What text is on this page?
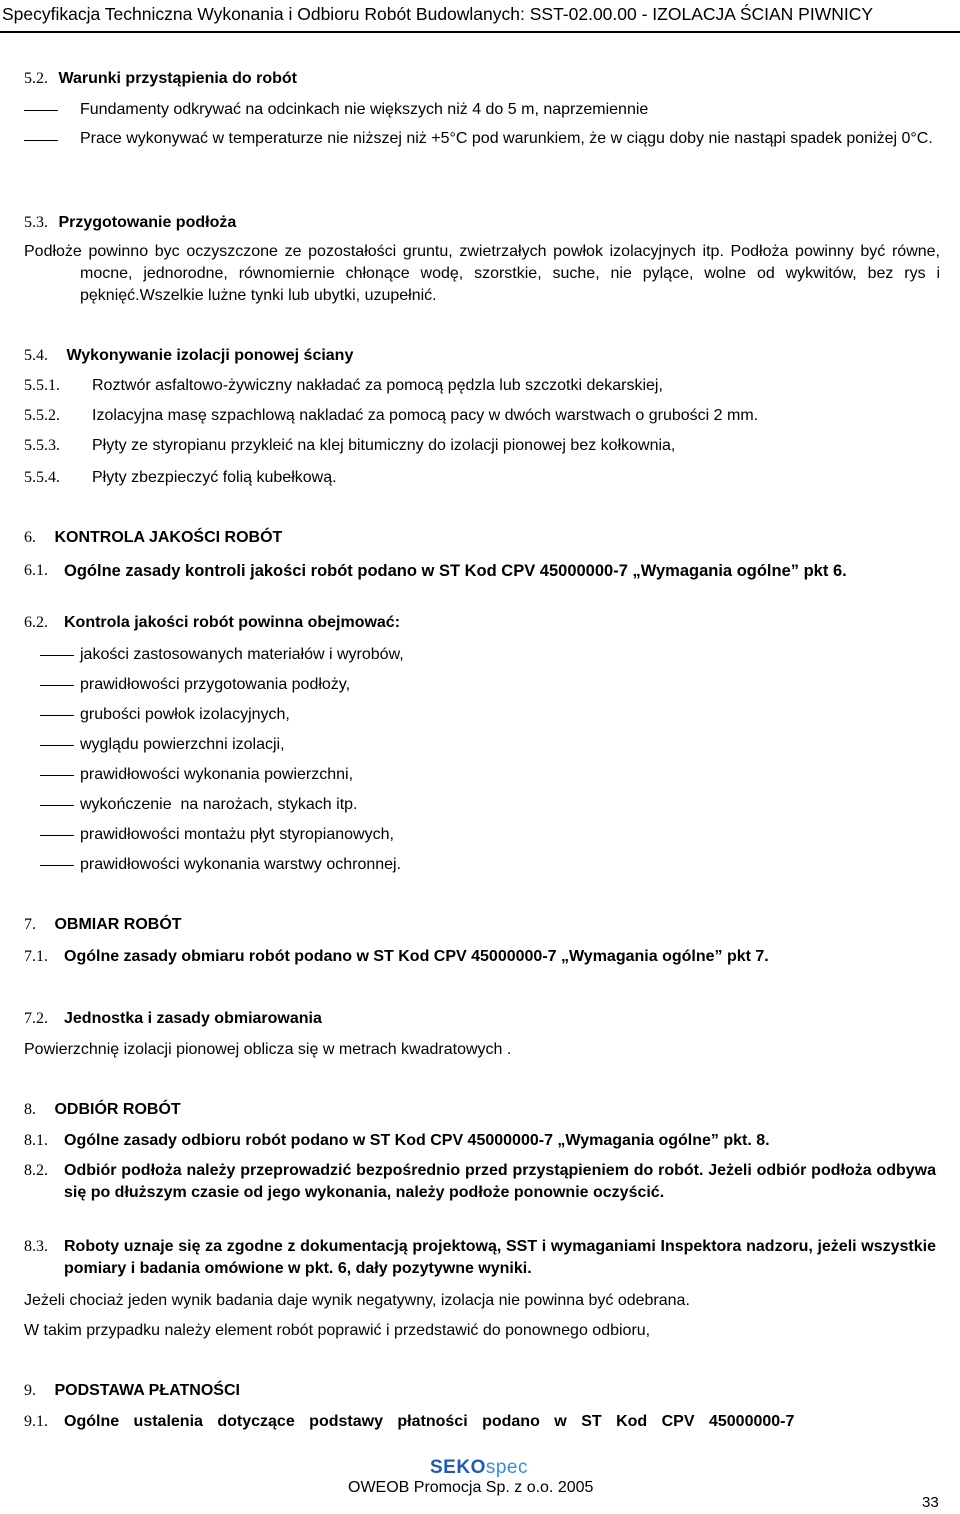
Specyfikacja Techniczna Wykonania i Odbioru Robót Budowlanych: SST-02.00.00 - IZOLACJA ŚCIAN PIWNICY
5.2. Warunki przystąpienia do robót
Fundamenty odkrywać na odcinkach nie większych niż 4 do 5 m, naprzemiennie
Prace wykonywać w temperaturze nie niższej niż +5°C pod warunkiem, że w ciągu doby nie nastąpi spadek poniżej 0°C.
5.3. Przygotowanie podłoża
Podłoże powinno byc oczyszczone ze pozostałości gruntu, zwietrzałych powłok izolacyjnych itp. Podłoża powinny być równe, mocne, jednorodne, równomiernie chłonące wodę, szorstkie, suche, nie pylące, wolne od wykwitów, bez rys i pęknięć.Wszelkie lużne tynki lub ubytki, uzupełnić.
5.4. Wykonywanie izolacji ponowej ściany
5.5.1. Roztwór asfaltowo-żywiczny nakładać za pomocą pędzla lub szczotki dekarskiej,
5.5.2. Izolacyjna masę szpachlową nakladać za pomocą pacy w dwóch warstwach o grubości 2 mm.
5.5.3. Płyty ze styropianu przykleić na klej bitumiczny do izolacji pionowej bez kołkownia,
5.5.4. Płyty zbezpieczyć folią kubełkową.
6. KONTROLA JAKOŚCI ROBÓT
6.1. Ogólne zasady kontroli jakości robót podano w ST Kod CPV 45000000-7 „Wymagania ogólne” pkt 6.
6.2. Kontrola jakości robót powinna obejmować:
jakości zastosowanych materiałów i wyrobów,
prawidłowości przygotowania podłoży,
grubości powłok izolacyjnych,
wyglądu powierzchni izolacji,
prawidłowości wykonania powierzchni,
wykończenie  na narożach, stykach itp.
prawidłowości montażu płyt styropianowych,
prawidłowości wykonania warstwy ochronnej.
7. OBMIAR ROBÓT
7.1. Ogólne zasady obmiaru robót podano w ST Kod CPV 45000000-7 „Wymagania ogólne” pkt 7.
7.2. Jednostka i zasady obmiarowania
Powierzchnię izolacji pionowej oblicza się w metrach kwadratowych .
8. ODBIÓR ROBÓT
8.1. Ogólne zasady odbioru robót podano w ST Kod CPV 45000000-7 „Wymagania ogólne” pkt. 8.
8.2. Odbiór podłoża należy przeprowadzić bezpośrednio przed przystąpieniem do robót. Jeżeli odbiór podłoża odbywa się po dłuższym czasie od jego wykonania, należy podłoże ponownie oczyścić.
8.3. Roboty uznaje się za zgodne z dokumentacją projektową, SST i wymaganiami Inspektora nadzoru, jeżeli wszystkie pomiary i badania omówione w pkt. 6, dały pozytywne wyniki.
Jeżeli chociaż jeden wynik badania daje wynik negatywny, izolacja nie powinna być odebrana.
W takim przypadku należy element robót poprawić i przedstawić do ponownego odbioru,
9. PODSTAWA PŁATNOŚCI
9.1. Ogólne ustalenia dotyczące podstawy płatności podano w ST Kod CPV 45000000-7
SEKOspec
OWEOB Promocja Sp. z o.o. 2005
33
